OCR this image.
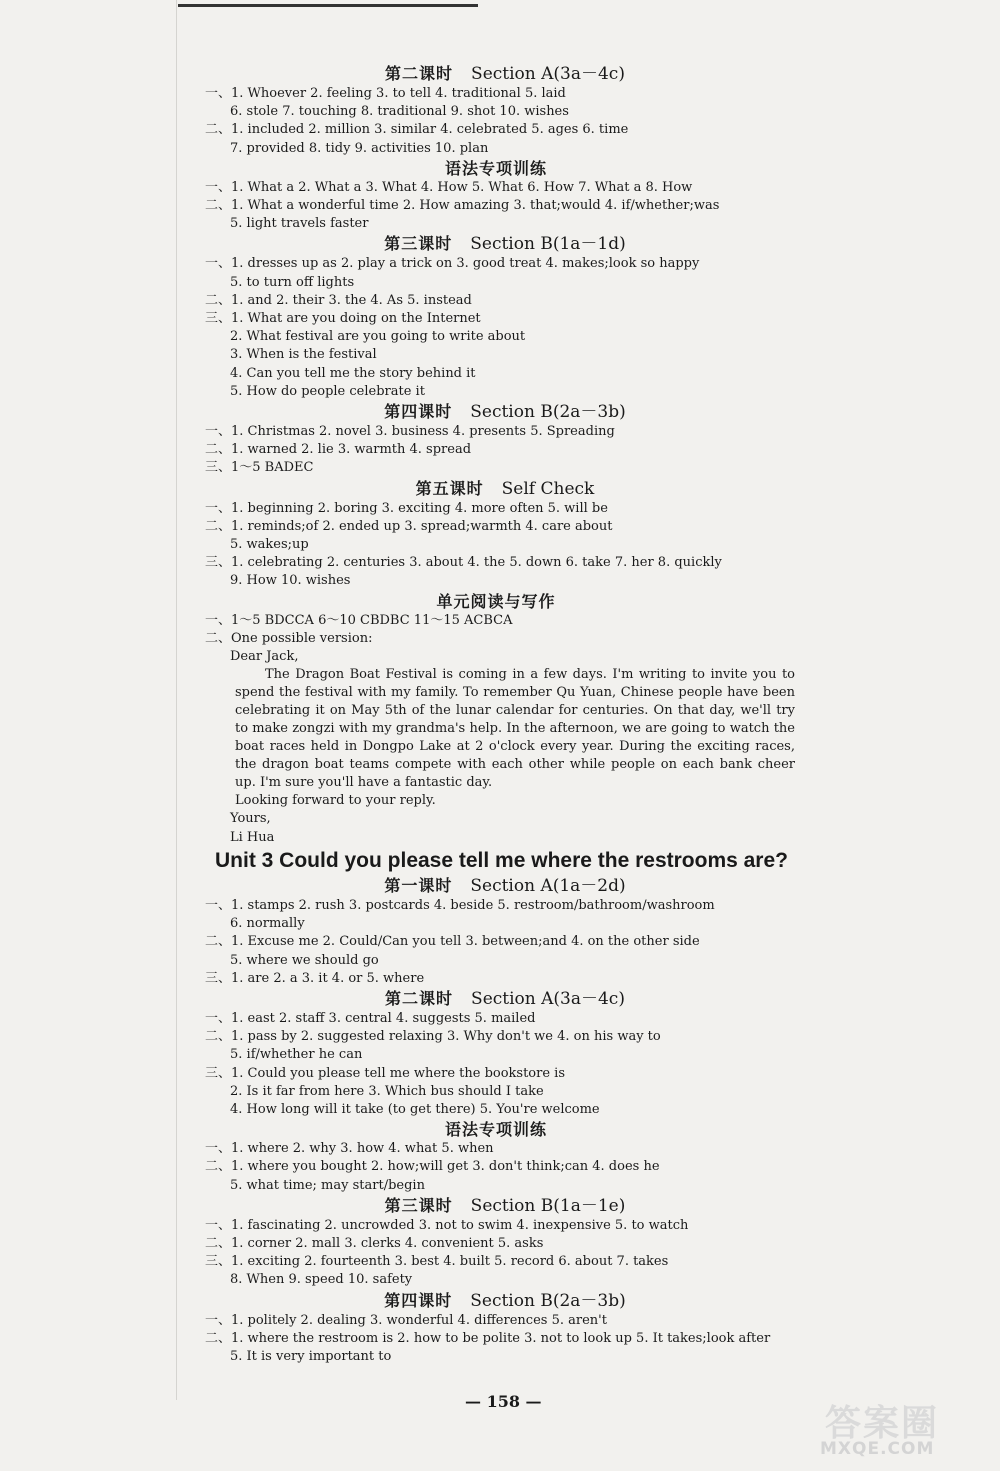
第二课时 Section A(3a－4c)
一、1. Whoever 2. feeling 3. to tell 4. traditional 5. laid
6. stole 7. touching 8. traditional 9. shot 10. wishes
二、1. included 2. million 3. similar 4. celebrated 5. ages 6. time
7. provided 8. tidy 9. activities 10. plan
语法专项训练
一、1. What a 2. What a 3. What 4. How 5. What 6. How 7. What a 8. How
二、1. What a wonderful time 2. How amazing 3. that;would 4. if/whether;was
5. light travels faster
第三课时 Section B(1a－1d)
一、1. dresses up as 2. play a trick on 3. good treat 4. makes;look so happy
5. to turn off lights
二、1. and 2. their 3. the 4. As 5. instead
三、1. What are you doing on the Internet
2. What festival are you going to write about
3. When is the festival
4. Can you tell me the story behind it
5. How do people celebrate it
第四课时 Section B(2a－3b)
一、1. Christmas 2. novel 3. business 4. presents 5. Spreading
二、1. warned 2. lie 3. warmth 4. spread
三、1～5 BADEC
第五课时 Self Check
一、1. beginning 2. boring 3. exciting 4. more often 5. will be
二、1. reminds;of 2. ended up 3. spread;warmth 4. care about
5. wakes;up
三、1. celebrating 2. centuries 3. about 4. the 5. down 6. take 7. her 8. quickly
9. How 10. wishes
单元阅读与写作
一、1～5 BDCCA 6～10 CBDBC 11～15 ACBCA
二、One possible version:
Dear Jack,
The Dragon Boat Festival is coming in a few days. I'm writing to invite you to spend the festival with my family. To remember Qu Yuan, Chinese people have been celebrating it on May 5th of the lunar calendar for centuries. On that day, we'll try to make zongzi with my grandma's help. In the afternoon, we are going to watch the boat races held in Dongpo Lake at 2 o'clock every year. During the exciting races, the dragon boat teams compete with each other while people on each bank cheer up. I'm sure you'll have a fantastic day.
Looking forward to your reply.
Yours,
Li Hua
Unit 3 Could you please tell me where the restrooms are?
第一课时 Section A(1a－2d)
一、1. stamps 2. rush 3. postcards 4. beside 5. restroom/bathroom/washroom
6. normally
二、1. Excuse me 2. Could/Can you tell 3. between;and 4. on the other side
5. where we should go
三、1. are 2. a 3. it 4. or 5. where
第二课时 Section A(3a－4c)
一、1. east 2. staff 3. central 4. suggests 5. mailed
二、1. pass by 2. suggested relaxing 3. Why don't we 4. on his way to
5. if/whether he can
三、1. Could you please tell me where the bookstore is
2. Is it far from here 3. Which bus should I take
4. How long will it take (to get there) 5. You're welcome
语法专项训练
一、1. where 2. why 3. how 4. what 5. when
二、1. where you bought 2. how;will get 3. don't think;can 4. does he
5. what time; may start/begin
第三课时 Section B(1a－1e)
一、1. fascinating 2. uncrowded 3. not to swim 4. inexpensive 5. to watch
二、1. corner 2. mall 3. clerks 4. convenient 5. asks
三、1. exciting 2. fourteenth 3. best 4. built 5. record 6. about 7. takes
8. When 9. speed 10. safety
第四课时 Section B(2a－3b)
一、1. politely 2. dealing 3. wonderful 4. differences 5. aren't
二、1. where the restroom is 2. how to be polite 3. not to look up 5. It takes;look after
5. It is very important to
— 158 —
答案圈
MXQE.COM
